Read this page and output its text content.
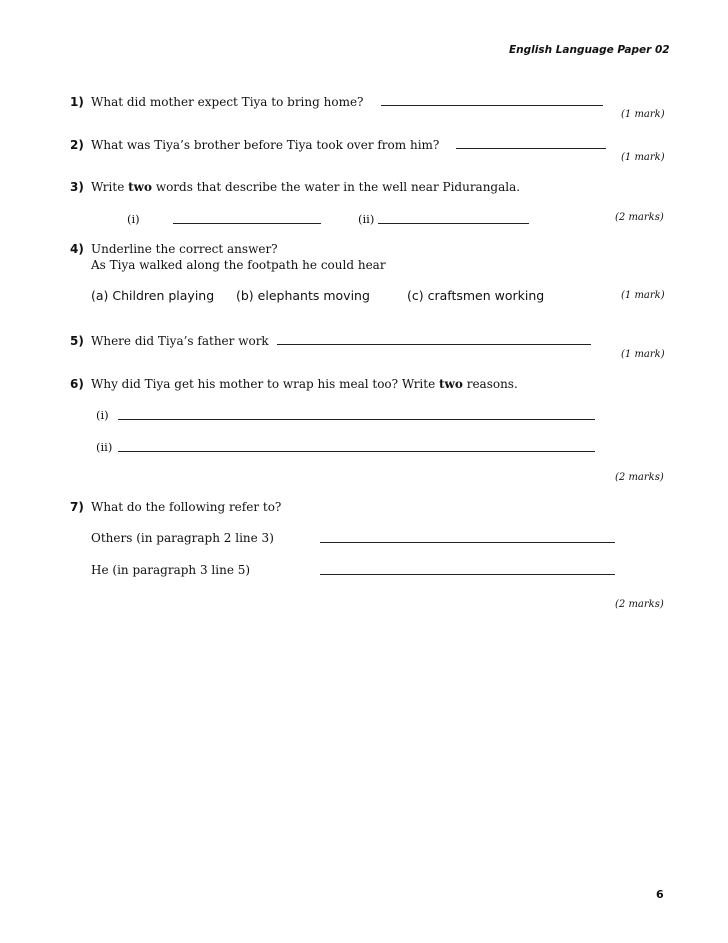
English Language Paper 02
1) What did mother expect Tiya to bring home?
(1 mark)
2) What was Tiya’s brother before Tiya took over from him?
(1 mark)
3) Write two words that describe the water in the well near Pidurangala.
(i)	(ii)	(2 marks)
4) Underline the correct answer?
As Tiya walked along the footpath he could hear
(a) Children playing (b) elephants moving	(c) craftsmen working	(1 mark)
5) Where did Tiya’s father work
(1 mark)
6) Why did Tiya get his mother to wrap his meal too? Write two reasons.
(i)
(ii)
(2 marks)
7) What do the following refer to?
Others (in paragraph 2 line 3)
He (in paragraph 3 line 5)
(2 marks)
6
